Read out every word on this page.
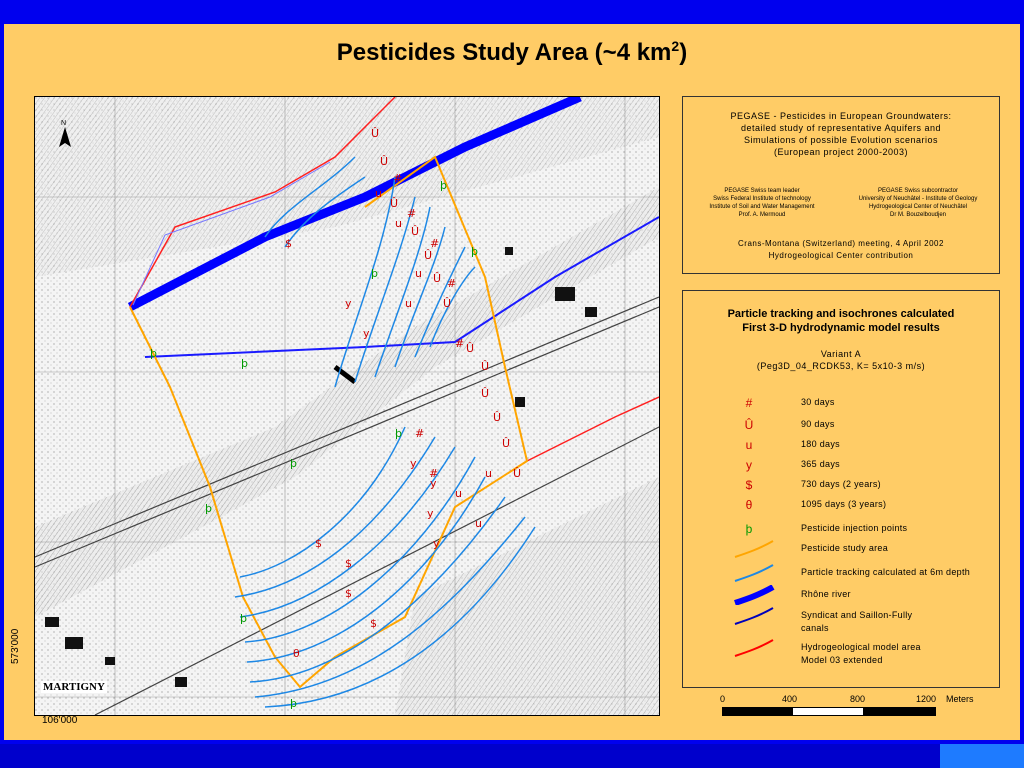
Pesticides Study Area (~4 $km^2$)
N
Û
Û
Û
Û
Û
Û
Û
Û
Û
Û
Û
Û
Û
#
#
#
#
#
#
#
u
u
u
u
u
u
u
y
y
y
y
y
y
$
$
$
$
$
θ
þ
þ
þ
þ
þ
þ
þ
þ
þ
þ
MARTIGNY
573'000
106'000
PEGASE - Pesticides in European Groundwaters:
detailed study of representative Aquifers and
Simulations of possible Evolution scenarios
(European project 2000-2003)
PEGASE Swiss team leader
Swiss Federal Institute of technology
Institute of Soil and Water Management
Prof. A. Mermoud
PEGASE Swiss subcontractor
University of Neuchâtel - Institute of Geology
Hydrogeological Center of Neuchâtel
Dr M. Bouzelboudjen
Crans-Montana (Switzerland) meeting, 4 April 2002
Hydrogeological Center contribution
Particle tracking and isochrones calculated
First 3-D hydrodynamic model results
Variant A
(Peg3D_04_RCDK53, K= 5x10-3 m/s)
#	30 days
Û	90 days
u	180 days
y	365 days
$	730 days (2 years)
θ	1095 days (3 years)
þ	Pesticide injection points
Pesticide study area
Particle tracking calculated at 6m depth
Rhône river
Syndicat and Saillon-Fully
canals
Hydrogeological model area
Model 03 extended
0	400	800	1200 Meters
